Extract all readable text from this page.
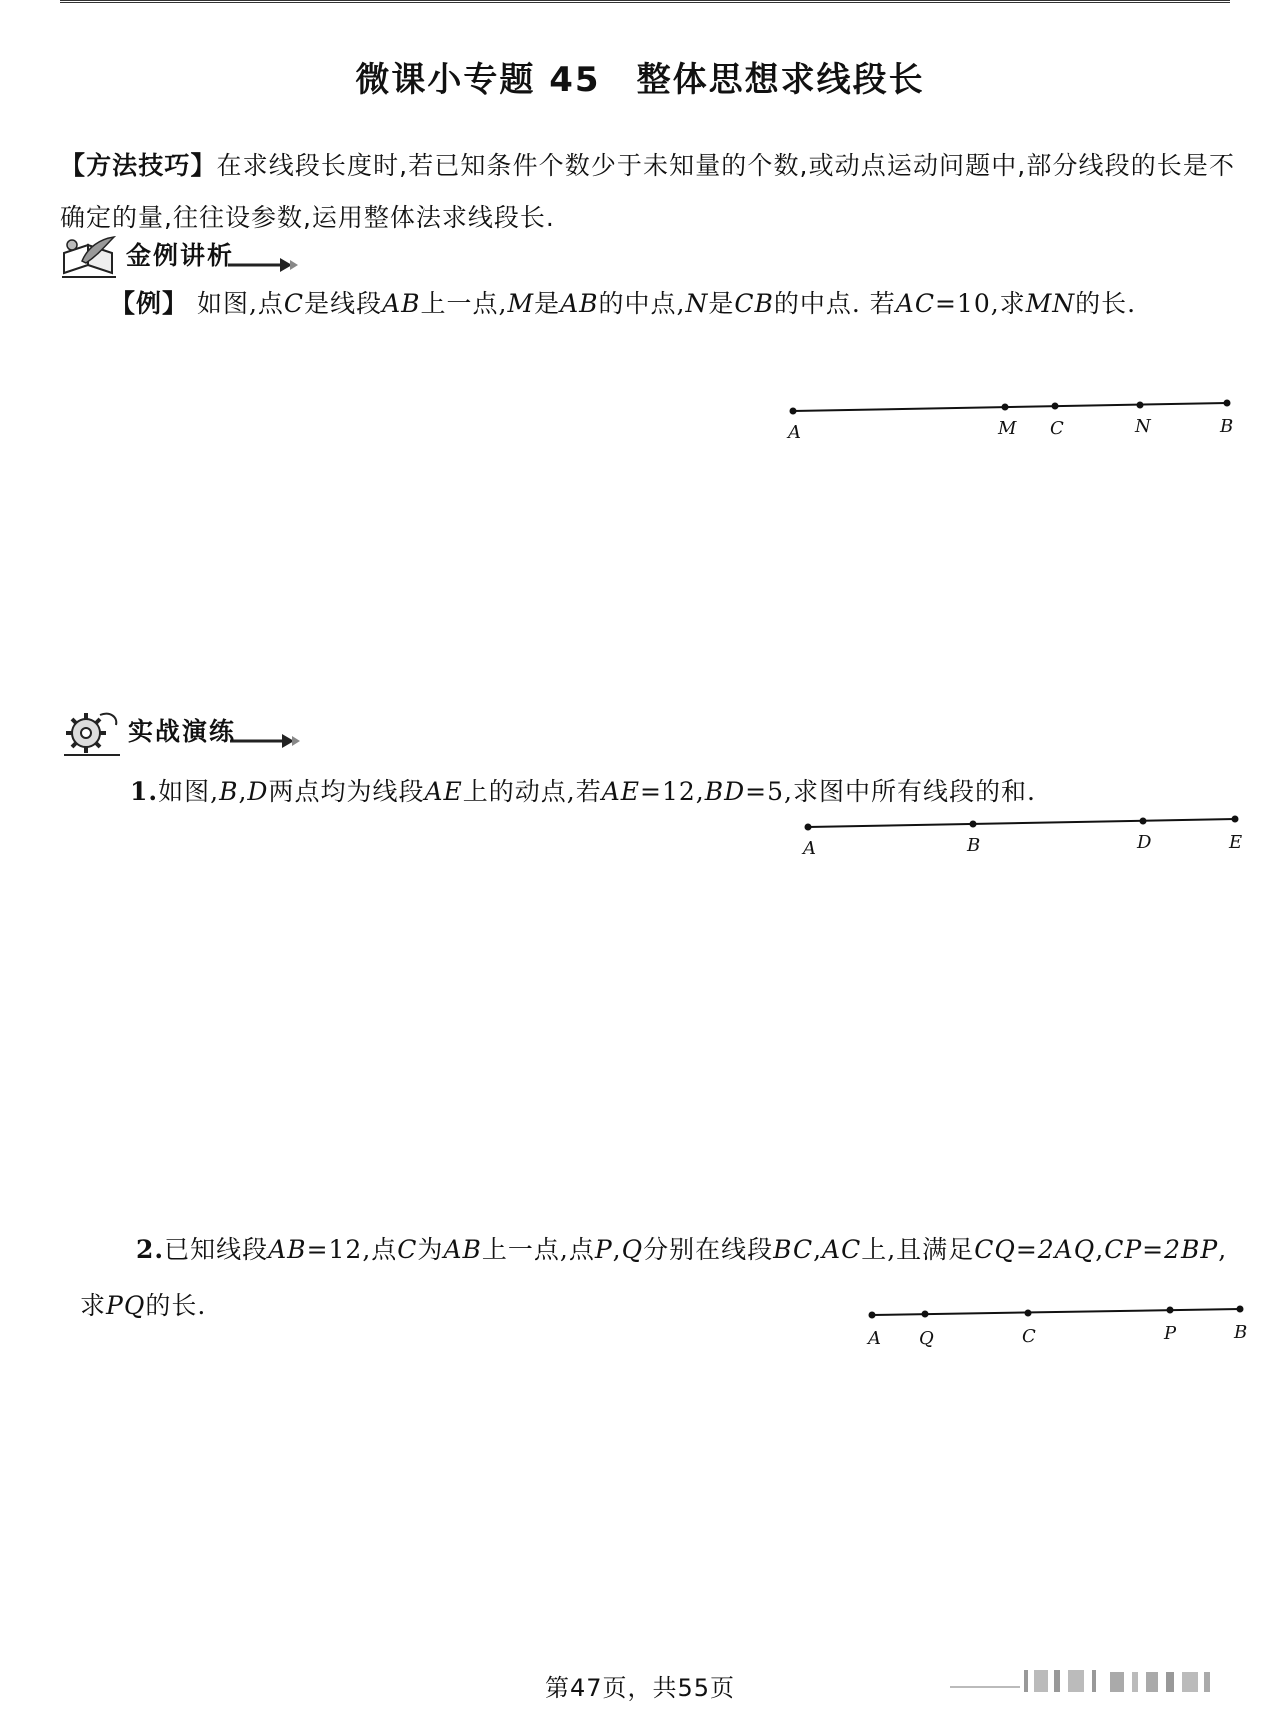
微课小专题 45　整体思想求线段长
【方法技巧】在求线段长度时,若已知条件个数少于未知量的个数,或动点运动问题中,部分线段的长是不确定的量,往往设参数,运用整体法求线段长.
金例讲析
【例】 如图,点C是线段AB上一点,M是AB的中点,N是CB的中点. 若AC=10,求MN的长.
A	M C	N	B
实战演练
1.如图,B,D两点均为线段AE上的动点,若AE=12,BD=5,求图中所有线段的和.
A	B	D	E
2.已知线段AB=12,点C为AB上一点,点P,Q分别在线段BC,AC上,且满足CQ=2AQ,CP=2BP,求PQ的长.
A Q	C	P	B
第47页，共55页
